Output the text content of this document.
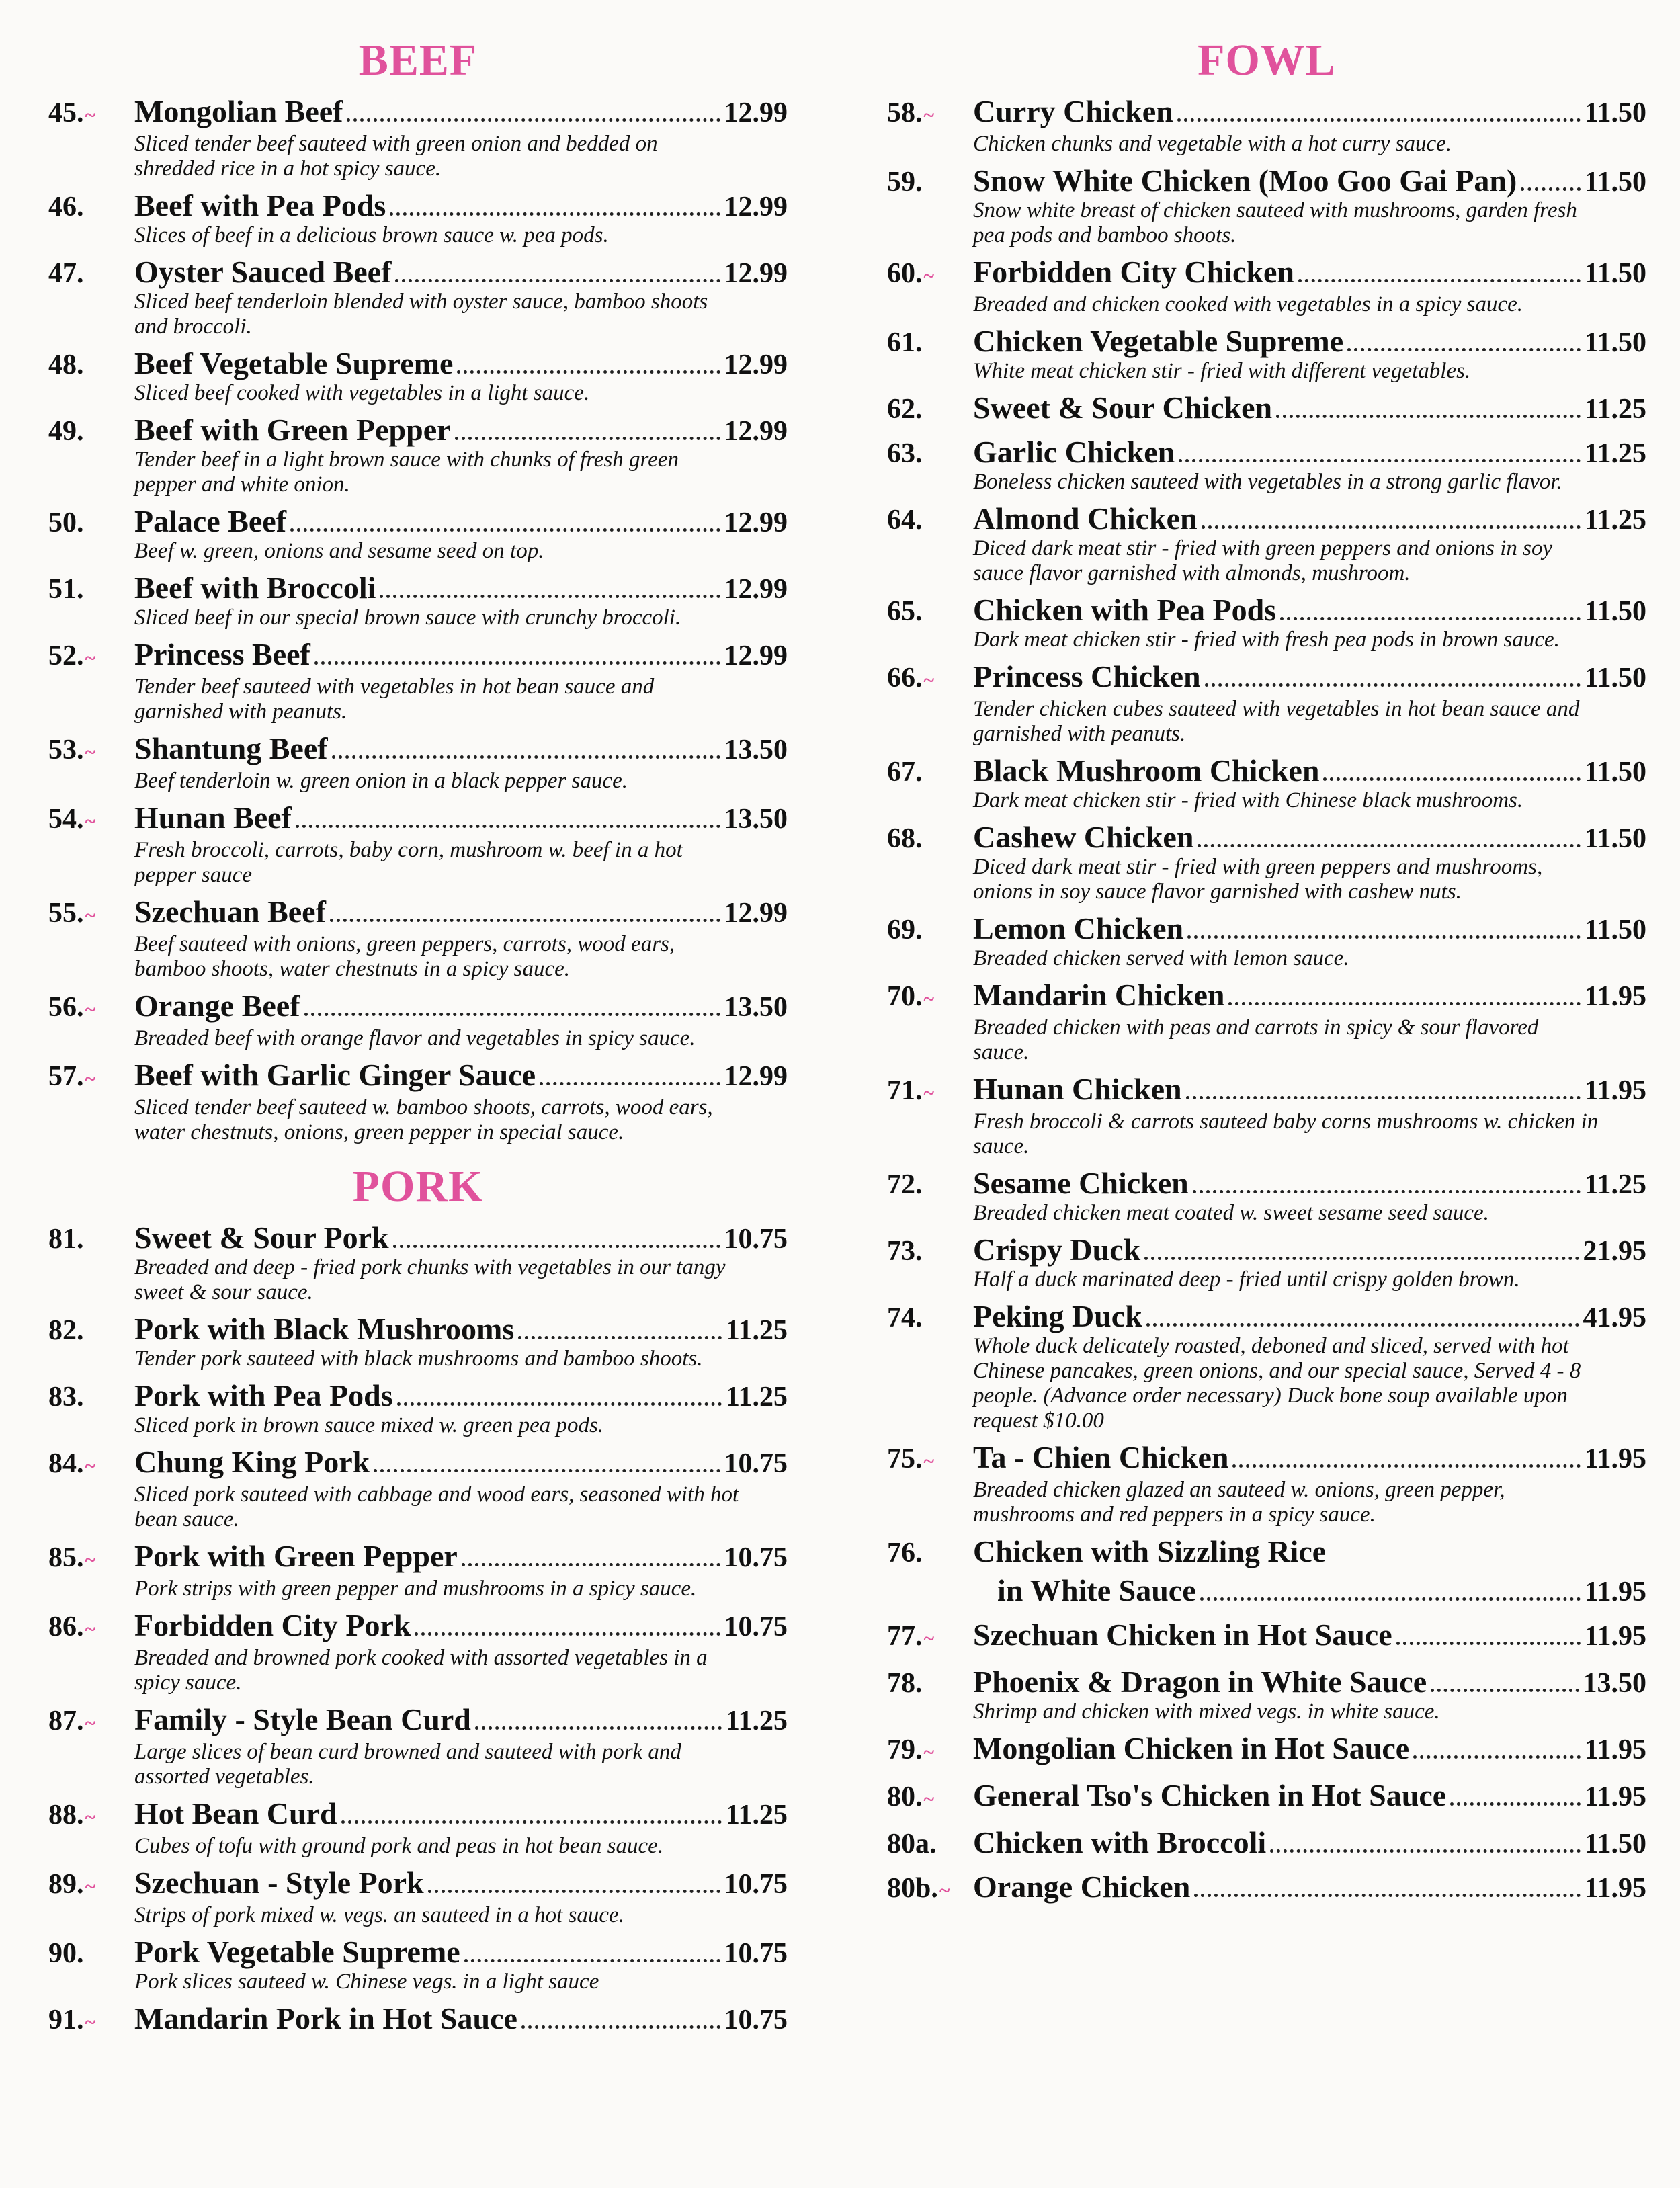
BEEF
45.~	Mongolian Beef	12.99
Sliced tender beef sauteed with green onion and bedded on shredded rice in a hot spicy sauce.
46.	Beef with Pea Pods	12.99
Slices of beef in a delicious brown sauce w. pea pods.
47.	Oyster Sauced Beef	12.99
Sliced beef tenderloin blended with oyster sauce, bamboo shoots and broccoli.
48.	Beef Vegetable Supreme	12.99
Sliced beef cooked with vegetables in a light sauce.
49.	Beef with Green Pepper	12.99
Tender beef in a light brown sauce with chunks of fresh green pepper and white onion.
50.	Palace Beef	12.99
Beef w. green, onions and sesame seed on top.
51.	Beef with Broccoli	12.99
Sliced beef in our special brown sauce with crunchy broccoli.
52.~	Princess Beef	12.99
Tender beef sauteed with vegetables in hot bean sauce and garnished with peanuts.
53.~	Shantung Beef	13.50
Beef tenderloin w. green onion in a black pepper sauce.
54.~	Hunan Beef	13.50
Fresh broccoli, carrots, baby corn, mushroom w. beef in a hot pepper sauce
55.~	Szechuan Beef	12.99
Beef sauteed with onions, green peppers, carrots, wood ears, bamboo shoots, water chestnuts in a spicy sauce.
56.~	Orange Beef	13.50
Breaded beef with orange flavor and vegetables in spicy sauce.
57.~	Beef with Garlic Ginger Sauce	12.99
Sliced tender beef sauteed w. bamboo shoots, carrots, wood ears, water chestnuts, onions, green pepper in special sauce.
PORK
81.	Sweet & Sour Pork	10.75
Breaded and deep - fried pork chunks with vegetables in our tangy sweet & sour sauce.
82.	Pork with Black Mushrooms	11.25
Tender pork sauteed with black mushrooms and bamboo shoots.
83.	Pork with Pea Pods	11.25
Sliced pork in brown sauce mixed w. green pea pods.
84.~	Chung King Pork	10.75
Sliced pork sauteed with cabbage and wood ears, seasoned with hot bean sauce.
85.~	Pork with Green Pepper	10.75
Pork strips with green pepper and mushrooms in a spicy sauce.
86.~	Forbidden City Pork	10.75
Breaded and browned pork cooked with assorted vegetables in a spicy sauce.
87.~	Family - Style Bean Curd	11.25
Large slices of bean curd browned and sauteed with pork and assorted vegetables.
88.~	Hot Bean Curd	11.25
Cubes of tofu with ground pork and peas in hot bean sauce.
89.~	Szechuan - Style Pork	10.75
Strips of pork mixed w. vegs. an sauteed in a hot sauce.
90.	Pork Vegetable Supreme	10.75
Pork slices sauteed w. Chinese vegs. in a light sauce
91.~	Mandarin Pork in Hot Sauce	10.75
FOWL
58.~	Curry Chicken	11.50
Chicken chunks and vegetable with a hot curry sauce.
59.	Snow White Chicken (Moo Goo Gai Pan) 11.50
Snow white breast of chicken sauteed with mushrooms, garden fresh pea pods and bamboo shoots.
60.~	Forbidden City Chicken	11.50
Breaded and chicken cooked with vegetables in a spicy sauce.
61.	Chicken Vegetable Supreme	11.50
White meat chicken stir - fried with different vegetables.
62.	Sweet & Sour Chicken	11.25
63.	Garlic Chicken	11.25
Boneless chicken sauteed with vegetables in a strong garlic flavor.
64.	Almond Chicken	11.25
Diced dark meat stir - fried with green peppers and onions in soy sauce flavor garnished with almonds, mushroom.
65.	Chicken with Pea Pods	11.50
Dark meat chicken stir - fried with fresh pea pods in brown sauce.
66.~	Princess Chicken	11.50
Tender chicken cubes sauteed with vegetables in hot bean sauce and garnished with peanuts.
67.	Black Mushroom Chicken	11.50
Dark meat chicken stir - fried with Chinese black mushrooms.
68.	Cashew Chicken	11.50
Diced dark meat stir - fried with green peppers and mushrooms, onions in soy sauce flavor garnished with cashew nuts.
69.	Lemon Chicken	11.50
Breaded chicken served with lemon sauce.
70.~	Mandarin Chicken	11.95
Breaded chicken with peas and carrots in spicy & sour flavored sauce.
71.~	Hunan Chicken	11.95
Fresh broccoli & carrots sauteed baby corns mushrooms w. chicken in sauce.
72.	Sesame Chicken	11.25
Breaded chicken meat coated w. sweet sesame seed sauce.
73.	Crispy Duck	21.95
Half a duck marinated deep - fried until crispy golden brown.
74.	Peking Duck	41.95
Whole duck delicately roasted, deboned and sliced, served with hot Chinese pancakes, green onions, and our special sauce, Served 4 - 8 people. (Advance order necessary) Duck bone soup available upon request $10.00
75.~	Ta - Chien Chicken	11.95
Breaded chicken glazed an sauteed w. onions, green pepper, mushrooms and red peppers in a spicy sauce.
76.	Chicken with Sizzling Rice
in White Sauce	11.95
77.~	Szechuan Chicken in Hot Sauce	11.95
78.	Phoenix & Dragon in White Sauce	13.50
Shrimp and chicken with mixed vegs. in white sauce.
79.~	Mongolian Chicken in Hot Sauce	11.95
80.~	General Tso's Chicken in Hot Sauce	11.95
80a.	Chicken with Broccoli	11.50
80b.~ Orange Chicken	11.95
